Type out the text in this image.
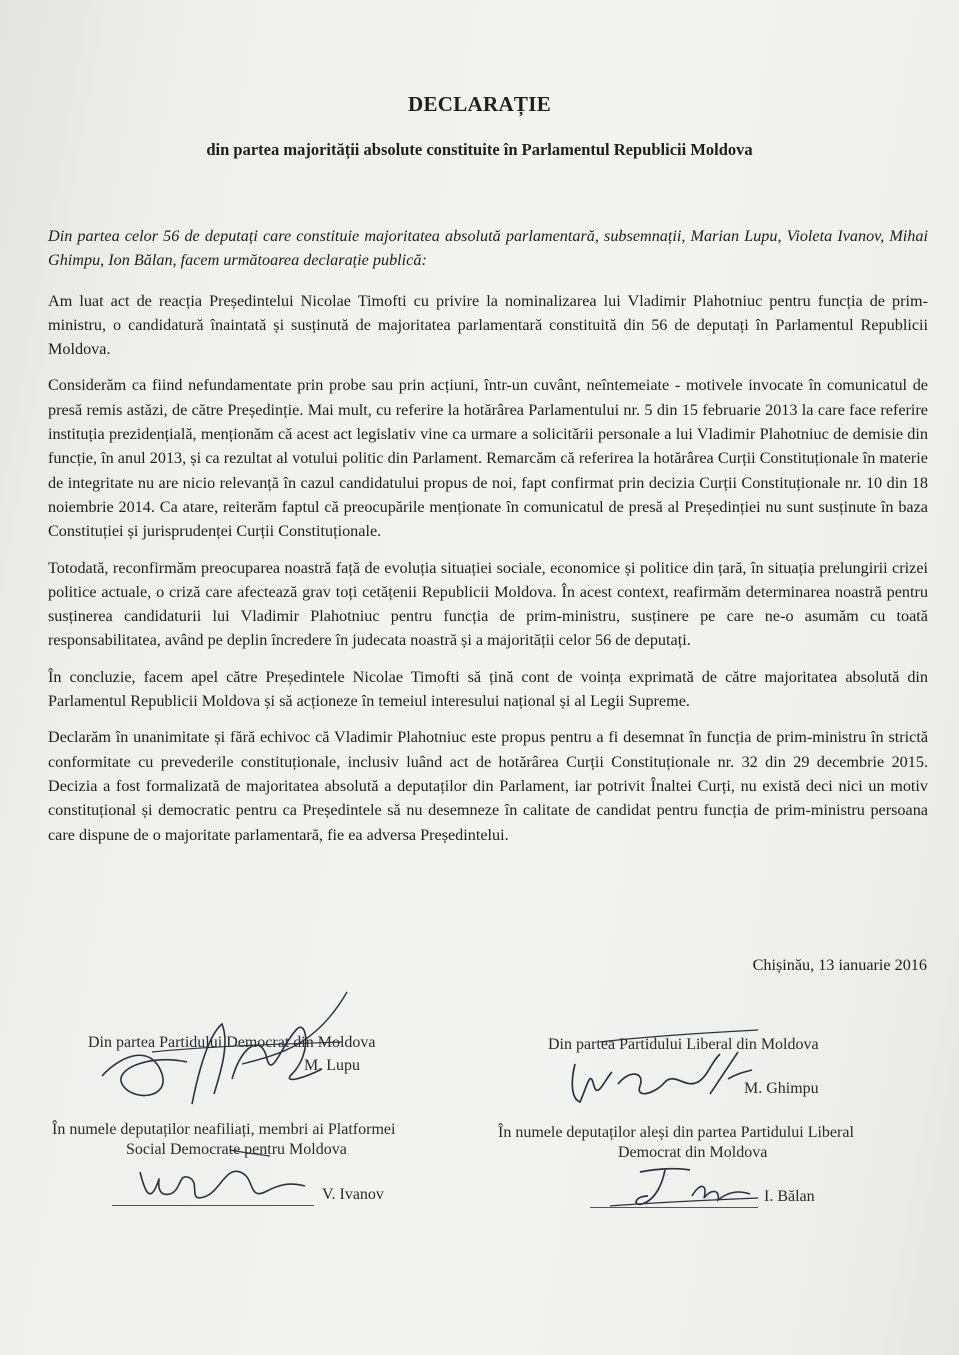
DECLARAȚIE
din partea majorității absolute constituite în Parlamentul Republicii Moldova

Din partea celor 56 de deputați care constituie majoritatea absolută parlamentară, subsemnații, Marian Lupu, Violeta Ivanov, Mihai Ghimpu, Ion Bălan, facem următoarea declarație publică:

Am luat act de reacția Președintelui Nicolae Timofti cu privire la nominalizarea lui Vladimir Plahotniuc pentru funcția de prim-ministru, o candidatură înaintată și susținută de majoritatea parlamentară constituită din 56 de deputați în Parlamentul Republicii Moldova.

Considerăm ca fiind nefundamentate prin probe sau prin acțiuni, într-un cuvânt, neîntemeiate - motivele invocate în comunicatul de presă remis astăzi, de către Președinție. Mai mult, cu referire la hotărârea Parlamentului nr. 5 din 15 februarie 2013 la care face referire instituția prezidențială, menționăm că acest act legislativ vine ca urmare a solicitării personale a lui Vladimir Plahotniuc de demisie din funcție, în anul 2013, și ca rezultat al votului politic din Parlament. Remarcăm că referirea la hotărârea Curții Constituționale în materie de integritate nu are nicio relevanță în cazul candidatului propus de noi, fapt confirmat prin decizia Curții Constituționale nr. 10 din 18 noiembrie 2014. Ca atare, reiterăm faptul că preocupările menționate în comunicatul de presă al Președinției nu sunt susținute în baza Constituției și jurisprudenței Curții Constituționale.

Totodată, reconfirmăm preocuparea noastră față de evoluția situației sociale, economice și politice din țară, în situația prelungirii crizei politice actuale, o criză care afectează grav toți cetățenii Republicii Moldova. În acest context, reafirmăm determinarea noastră pentru susținerea candidaturii lui Vladimir Plahotniuc pentru funcția de prim-ministru, susținere pe care ne-o asumăm cu toată responsabilitatea, având pe deplin încredere în judecata noastră și a majorității celor 56 de deputați.

În concluzie, facem apel către Președintele Nicolae Timofti să țină cont de voința exprimată de către majoritatea absolută din Parlamentul Republicii Moldova și să acționeze în temeiul interesului național și al Legii Supreme.

Declarăm în unanimitate și fără echivoc că Vladimir Plahotniuc este propus pentru a fi desemnat în funcția de prim-ministru în strictă conformitate cu prevederile constituționale, inclusiv luând act de hotărârea Curții Constituționale nr. 32 din 29 decembrie 2015. Decizia a fost formalizată de majoritatea absolută a deputaților din Parlament, iar potrivit Înaltei Curți, nu există deci nici un motiv constituțional și democratic pentru ca Președintele să nu desemneze în calitate de candidat pentru funcția de prim-ministru persoana care dispune de o majoritate parlamentară, fie ea adversa Președintelui.

Chișinău, 13 ianuarie 2016
Din partea Partidului Democrat din Moldova
M. Lupu
Din partea Partidului Liberal din Moldova
M. Ghimpu
În numele deputaților neafiliați, membri ai Platformei
Social Democrate pentru Moldova
V. Ivanov
În numele deputaților aleși din partea Partidului Liberal
Democrat din Moldova
I. Bălan
